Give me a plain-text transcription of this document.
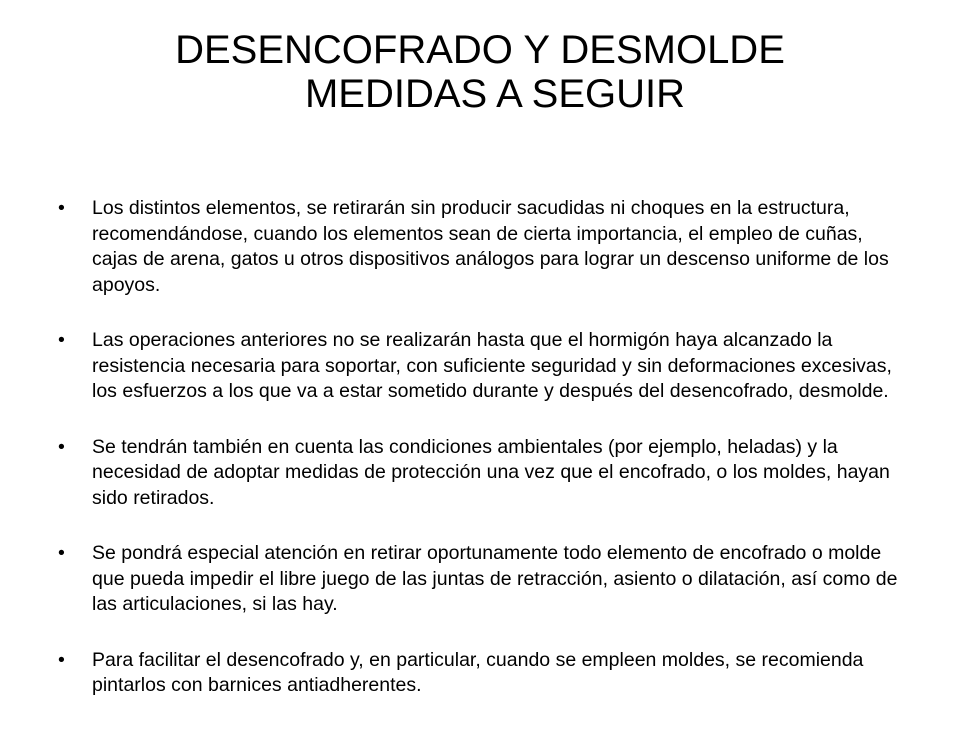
DESENCOFRADO Y DESMOLDE
MEDIDAS A SEGUIR
• Los distintos elementos, se retirarán sin producir sacudidas ni choques en la estructura, recomendándose, cuando los elementos sean de cierta importancia, el empleo de cuñas, cajas de arena, gatos u otros dispositivos análogos para lograr un descenso uniforme de los apoyos.
• Las operaciones anteriores no se realizarán hasta que el hormigón haya alcanzado la resistencia necesaria para soportar, con suficiente seguridad y sin deformaciones excesivas, los esfuerzos a los que va a estar sometido durante y después del desencofrado, desmolde.
• Se tendrán también en cuenta las condiciones ambientales (por ejemplo, heladas) y la necesidad de adoptar medidas de protección una vez que el encofrado, o los moldes, hayan sido retirados.
• Se pondrá especial atención en retirar oportunamente todo elemento de encofrado o molde que pueda impedir el libre juego de las juntas de retracción, asiento o dilatación, así como de las articulaciones, si las hay.
• Para facilitar el desencofrado y, en particular, cuando se empleen moldes, se recomienda pintarlos con barnices antiadherentes.
